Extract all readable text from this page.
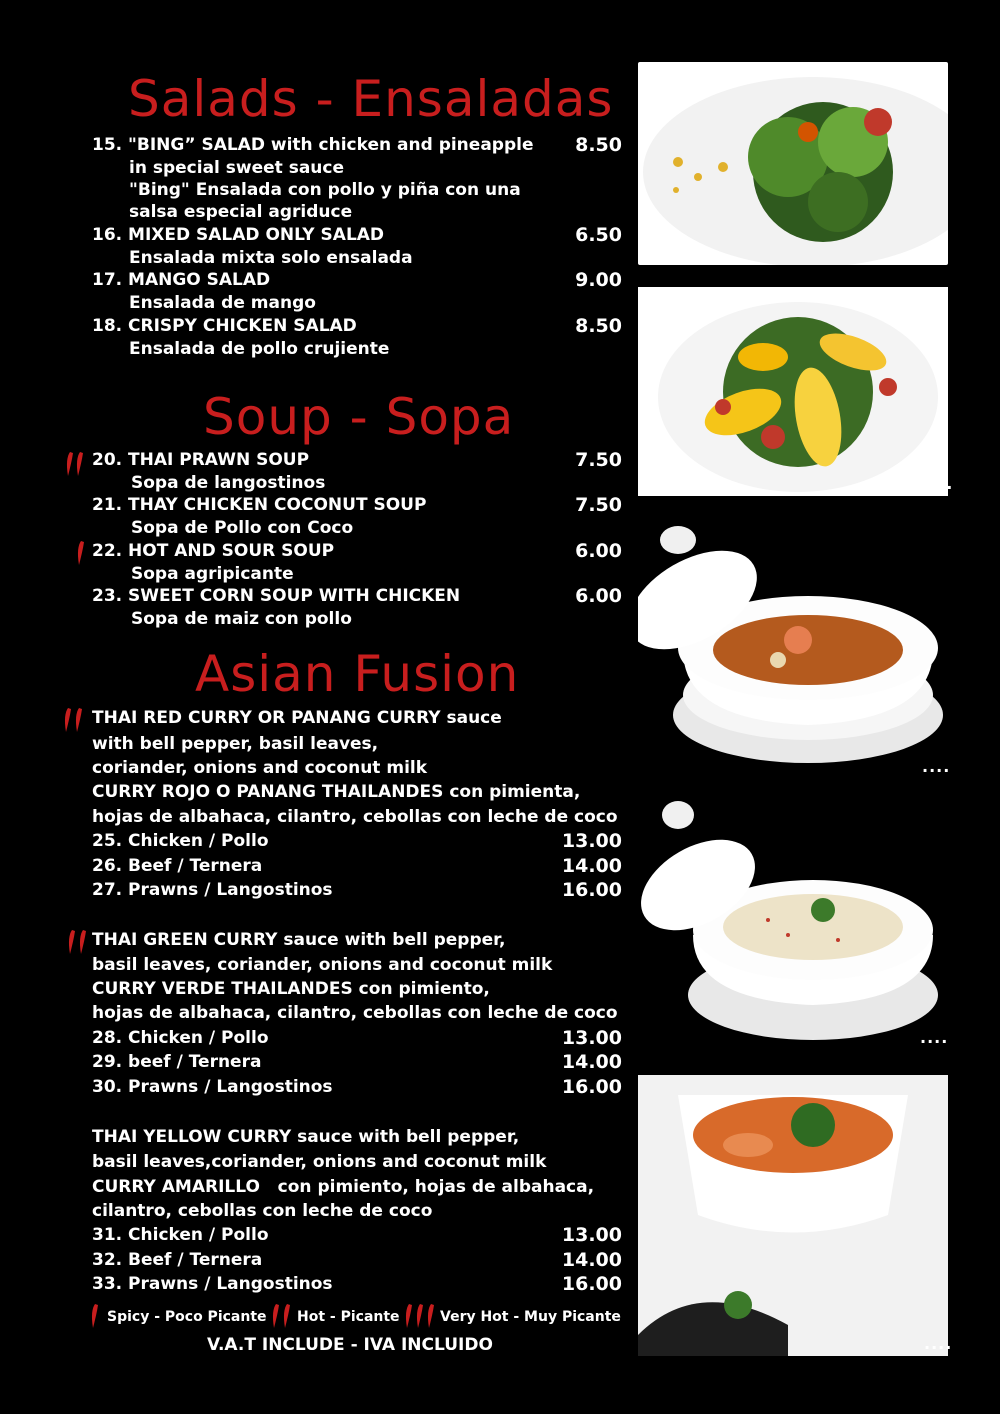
Salads - Ensaladas
Soup - Sopa
Asian Fusion
15. "BING” SALAD with chicken and pineapple	8.50
in special sweet sauce
"Bing" Ensalada con pollo y piña con una
salsa especial agriduce
16. MIXED SALAD ONLY SALAD	6.50
Ensalada mixta solo ensalada
17. MANGO SALAD	9.00
Ensalada de mango
18. CRISPY CHICKEN SALAD	8.50
Ensalada de pollo crujiente
20. THAI PRAWN SOUP	7.50
Sopa de langostinos
21. THAY CHICKEN COCONUT SOUP	7.50
Sopa de Pollo con Coco
22. HOT AND SOUR SOUP	6.00
Sopa agripicante
23. SWEET CORN SOUP WITH CHICKEN	6.00
Sopa de maiz con pollo
THAI RED CURRY OR PANANG CURRY sauce
with bell pepper, basil leaves,
coriander, onions and coconut milk
CURRY ROJO O PANANG THAILANDES con pimienta,
hojas de albahaca, cilantro, cebollas con leche de coco
25. Chicken / Pollo	13.00
26. Beef / Ternera	14.00
27. Prawns / Langostinos	16.00
THAI GREEN CURRY sauce with bell pepper,
basil leaves, coriander, onions and coconut milk
CURRY VERDE THAILANDES con pimiento,
hojas de albahaca, cilantro, cebollas con leche de coco
28. Chicken / Pollo	13.00
29. beef / Ternera	14.00
30. Prawns / Langostinos	16.00
THAI YELLOW CURRY sauce with bell pepper,
basil leaves,coriander, onions and coconut milk
CURRY AMARILLO   con pimiento, hojas de albahaca,
cilantro, cebollas con leche de coco
31. Chicken / Pollo	13.00
32. Beef / Ternera	14.00
33. Prawns / Langostinos	16.00
Spicy - Poco Picante Hot - Picante	Very Hot - Muy Picante
V.A.T INCLUDE - IVA INCLUIDO
...
....
....
....
....
